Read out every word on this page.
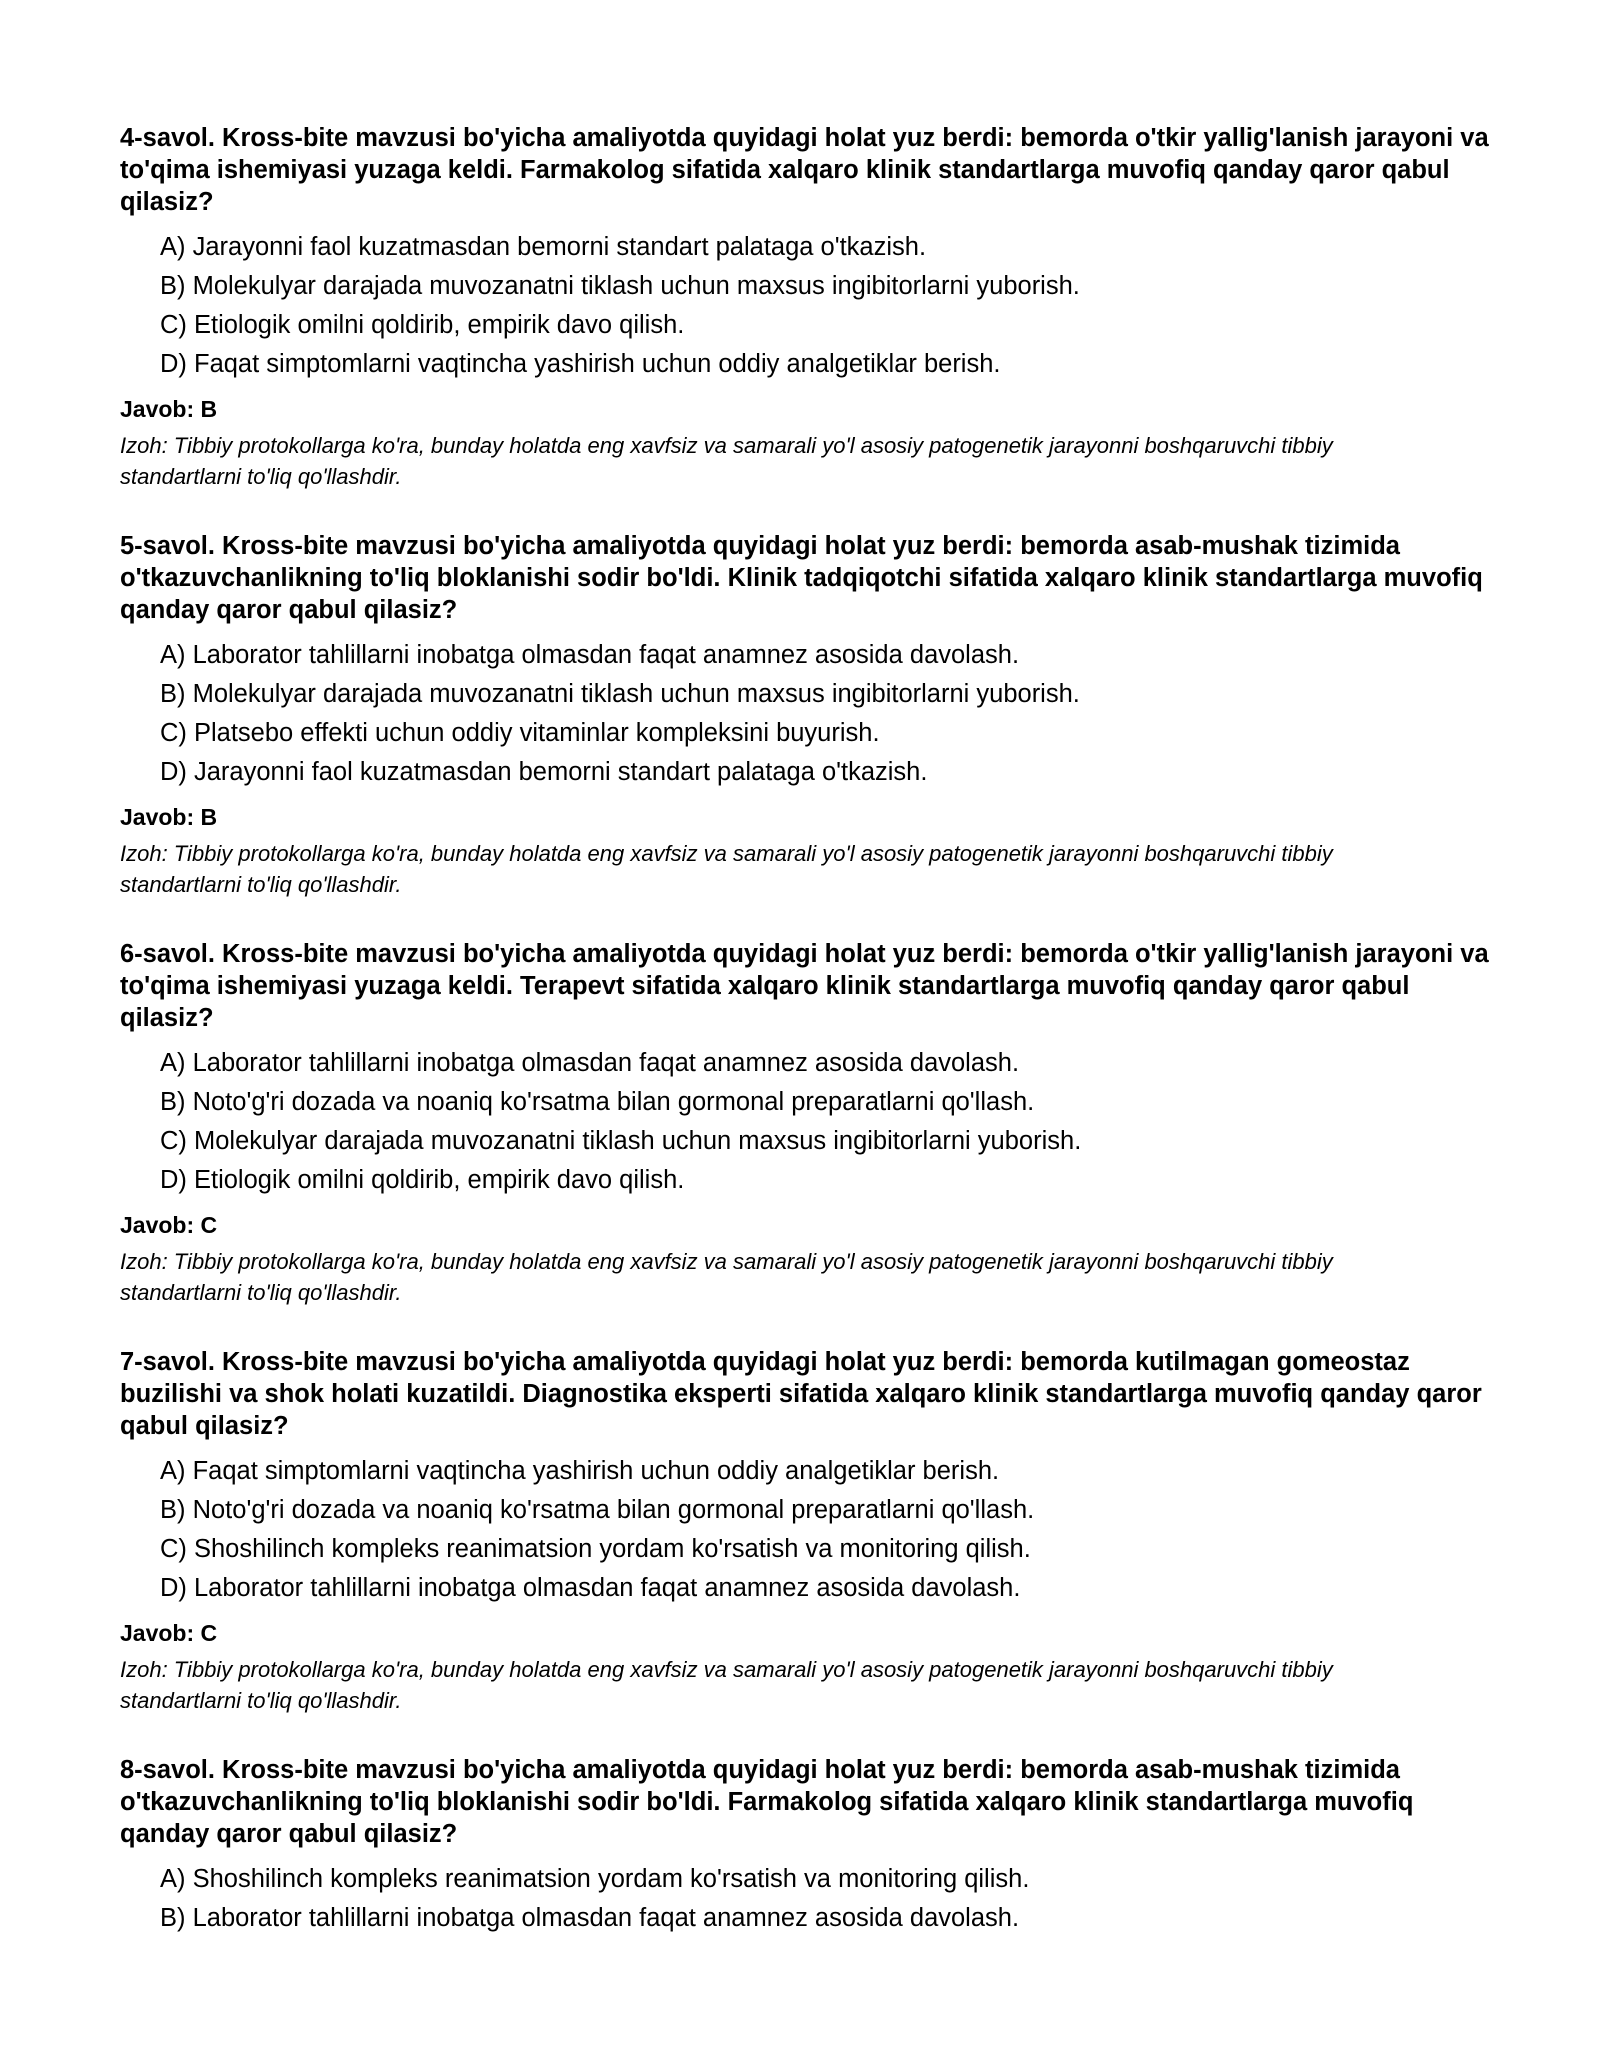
4-savol. Kross-bite mavzusi bo'yicha amaliyotda quyidagi holat yuz berdi: bemorda o'tkir yallig'lanish jarayoni va to'qima ishemiyasi yuzaga keldi. Farmakolog sifatida xalqaro klinik standartlarga muvofiq qanday qaror qabul qilasiz?
A) Jarayonni faol kuzatmasdan bemorni standart palataga o'tkazish.
B) Molekulyar darajada muvozanatni tiklash uchun maxsus ingibitorlarni yuborish.
C) Etiologik omilni qoldirib, empirik davo qilish.
D) Faqat simptomlarni vaqtincha yashirish uchun oddiy analgetiklar berish.
Javob: B
Izoh: Tibbiy protokollarga ko'ra, bunday holatda eng xavfsiz va samarali yo'l asosiy patogenetik jarayonni boshqaruvchi tibbiy standartlarni to'liq qo'llashdir.
5-savol. Kross-bite mavzusi bo'yicha amaliyotda quyidagi holat yuz berdi: bemorda asab-mushak tizimida o'tkazuvchanlikning to'liq bloklanishi sodir bo'ldi. Klinik tadqiqotchi sifatida xalqaro klinik standartlarga muvofiq qanday qaror qabul qilasiz?
A) Laborator tahlillarni inobatga olmasdan faqat anamnez asosida davolash.
B) Molekulyar darajada muvozanatni tiklash uchun maxsus ingibitorlarni yuborish.
C) Platsebo effekti uchun oddiy vitaminlar kompleksini buyurish.
D) Jarayonni faol kuzatmasdan bemorni standart palataga o'tkazish.
Javob: B
Izoh: Tibbiy protokollarga ko'ra, bunday holatda eng xavfsiz va samarali yo'l asosiy patogenetik jarayonni boshqaruvchi tibbiy standartlarni to'liq qo'llashdir.
6-savol. Kross-bite mavzusi bo'yicha amaliyotda quyidagi holat yuz berdi: bemorda o'tkir yallig'lanish jarayoni va to'qima ishemiyasi yuzaga keldi. Terapevt sifatida xalqaro klinik standartlarga muvofiq qanday qaror qabul qilasiz?
A) Laborator tahlillarni inobatga olmasdan faqat anamnez asosida davolash.
B) Noto'g'ri dozada va noaniq ko'rsatma bilan gormonal preparatlarni qo'llash.
C) Molekulyar darajada muvozanatni tiklash uchun maxsus ingibitorlarni yuborish.
D) Etiologik omilni qoldirib, empirik davo qilish.
Javob: C
Izoh: Tibbiy protokollarga ko'ra, bunday holatda eng xavfsiz va samarali yo'l asosiy patogenetik jarayonni boshqaruvchi tibbiy standartlarni to'liq qo'llashdir.
7-savol. Kross-bite mavzusi bo'yicha amaliyotda quyidagi holat yuz berdi: bemorda kutilmagan gomeostaz buzilishi va shok holati kuzatildi. Diagnostika eksperti sifatida xalqaro klinik standartlarga muvofiq qanday qaror qabul qilasiz?
A) Faqat simptomlarni vaqtincha yashirish uchun oddiy analgetiklar berish.
B) Noto'g'ri dozada va noaniq ko'rsatma bilan gormonal preparatlarni qo'llash.
C) Shoshilinch kompleks reanimatsion yordam ko'rsatish va monitoring qilish.
D) Laborator tahlillarni inobatga olmasdan faqat anamnez asosida davolash.
Javob: C
Izoh: Tibbiy protokollarga ko'ra, bunday holatda eng xavfsiz va samarali yo'l asosiy patogenetik jarayonni boshqaruvchi tibbiy standartlarni to'liq qo'llashdir.
8-savol. Kross-bite mavzusi bo'yicha amaliyotda quyidagi holat yuz berdi: bemorda asab-mushak tizimida o'tkazuvchanlikning to'liq bloklanishi sodir bo'ldi. Farmakolog sifatida xalqaro klinik standartlarga muvofiq qanday qaror qabul qilasiz?
A) Shoshilinch kompleks reanimatsion yordam ko'rsatish va monitoring qilish.
B) Laborator tahlillarni inobatga olmasdan faqat anamnez asosida davolash.
